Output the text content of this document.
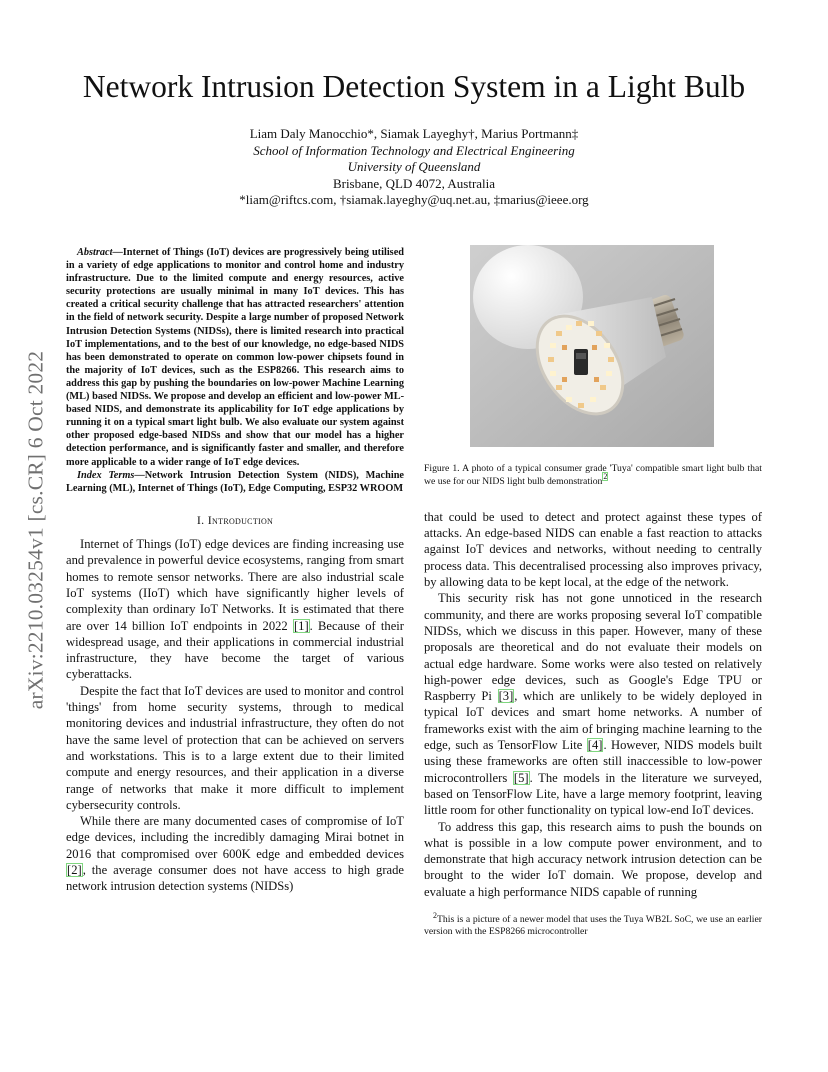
arXiv:2210.03254v1 [cs.CR] 6 Oct 2022
Network Intrusion Detection System in a Light Bulb
Liam Daly Manocchio*, Siamak Layeghy†, Marius Portmann‡
School of Information Technology and Electrical Engineering
University of Queensland
Brisbane, QLD 4072, Australia
*liam@riftcs.com, †siamak.layeghy@uq.net.au, ‡marius@ieee.org

Abstract—Internet of Things (IoT) devices are progressively being utilised in a variety of edge applications to monitor and control home and industry infrastructure. Due to the limited compute and energy resources, active security protections are usually minimal in many IoT devices. This has created a critical security challenge that has attracted researchers' attention in the field of network security. Despite a large number of proposed Network Intrusion Detection Systems (NIDSs), there is limited research into practical IoT implementations, and to the best of our knowledge, no edge-based NIDS has been demonstrated to operate on common low-power chipsets found in the majority of IoT devices, such as the ESP8266. This research aims to address this gap by pushing the boundaries on low-power Machine Learning (ML) based NIDSs. We propose and develop an efficient and low-power ML-based NIDS, and demonstrate its applicability for IoT edge applications by running it on a typical smart light bulb. We also evaluate our system against other proposed edge-based NIDSs and show that our model has a higher detection performance, and is significantly faster and smaller, and therefore more applicable to a wider range of IoT edge devices.

Index Terms—Network Intrusion Detection System (NIDS), Machine Learning (ML), Internet of Things (IoT), Edge Computing, ESP32 WROOM

I. Introduction

Internet of Things (IoT) edge devices are finding increasing use and prevalence in powerful device ecosystems, ranging from smart homes to remote sensor networks. There are also industrial scale IoT systems (IIoT) which have significantly higher levels of complexity than ordinary IoT Networks. It is estimated that there are over 14 billion IoT endpoints in 2022 [1]. Because of their widespread usage, and their applications in commercial industrial infrastructure, they have become the target of various cyberattacks.

Despite the fact that IoT devices are used to monitor and control 'things' from home security systems, through to medical monitoring devices and industrial infrastructure, they often do not have the same level of protection that can be achieved on servers and workstations. This is to a large extent due to their limited compute and energy resources, and their application in a diverse range of networks that make it more difficult to implement cybersecurity controls.

While there are many documented cases of compromise of IoT edge devices, including the incredibly damaging Mirai botnet in 2016 that compromised over 600K edge and embedded devices [2], the average consumer does not have access to high grade network intrusion detection systems (NIDSs)

Figure 1. A photo of a typical consumer grade 'Tuya' compatible smart light bulb that we use for our NIDS light bulb demonstration$^2$

that could be used to detect and protect against these types of attacks. An edge-based NIDS can enable a fast reaction to attacks against IoT devices and networks, without needing to centrally process data. This decentralised processing also improves privacy, by allowing data to be kept local, at the edge of the network.

This security risk has not gone unnoticed in the research community, and there are works proposing several IoT compatible NIDSs, which we discuss in this paper. However, many of these proposals are theoretical and do not evaluate their models on actual edge hardware. Some works were also tested on relatively high-power edge devices, such as Google's Edge TPU or Raspberry Pi [3], which are unlikely to be widely deployed in typical IoT devices and smart home networks. A number of frameworks exist with the aim of bringing machine learning to the edge, such as TensorFlow Lite [4]. However, NIDS models built using these frameworks are often still inaccessible to low-power microcontrollers [5]. The models in the literature we surveyed, based on TensorFlow Lite, have a large memory footprint, leaving little room for other functionality on typical low-end IoT devices.

To address this gap, this research aims to push the bounds on what is possible in a low compute power environment, and to demonstrate that high accuracy network intrusion detection can be brought to the wider IoT domain. We propose, develop and evaluate a high performance NIDS capable of running

$^2$This is a picture of a newer model that uses the Tuya WB2L SoC, we use an earlier version with the ESP8266 microcontroller
